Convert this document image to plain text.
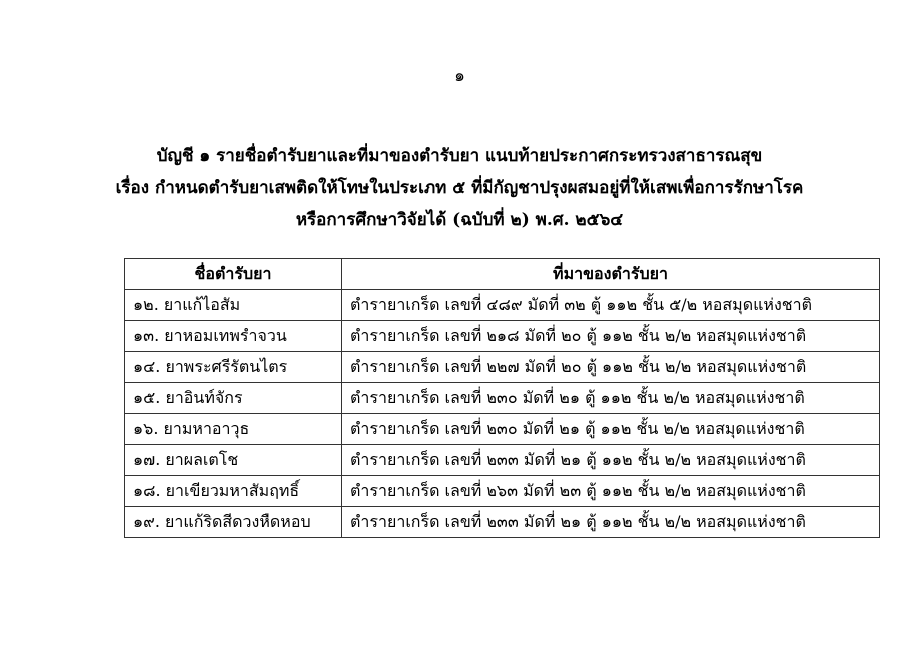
๑
บัญชี ๑ รายชื่อตำรับยาและที่มาของตำรับยา แนบท้ายประกาศกระทรวงสาธารณสุข
เรื่อง กำหนดตำรับยาเสพติดให้โทษในประเภท ๕ ที่มีกัญชาปรุงผสมอยู่ที่ให้เสพเพื่อการรักษาโรค
หรือการศึกษาวิจัยได้ (ฉบับที่ ๒) พ.ศ. ๒๕๖๔
ชื่อตำรับยา	ที่มาของตำรับยา
๑๒. ยาแก้ไอสัม	ตำรายาเกร็ด เลขที่ ๔๘๙ มัดที่ ๓๒ ตู้ ๑๑๒ ชั้น ๕/๒ หอสมุดแห่งชาติ
๑๓. ยาหอมเทพรำจวน	ตำรายาเกร็ด เลขที่ ๒๑๘ มัดที่ ๒๐ ตู้ ๑๑๒ ชั้น ๒/๒ หอสมุดแห่งชาติ
๑๔. ยาพระศรีรัตนไตร	ตำรายาเกร็ด เลขที่ ๒๒๗ มัดที่ ๒๐ ตู้ ๑๑๒ ชั้น ๒/๒ หอสมุดแห่งชาติ
๑๕. ยาอินท์จักร	ตำรายาเกร็ด เลขที่ ๒๓๐ มัดที่ ๒๑ ตู้ ๑๑๒ ชั้น ๒/๒ หอสมุดแห่งชาติ
๑๖. ยามหาอาวุธ	ตำรายาเกร็ด เลขที่ ๒๓๐ มัดที่ ๒๑ ตู้ ๑๑๒ ชั้น ๒/๒ หอสมุดแห่งชาติ
๑๗. ยาผลเตโช	ตำรายาเกร็ด เลขที่ ๒๓๓ มัดที่ ๒๑ ตู้ ๑๑๒ ชั้น ๒/๒ หอสมุดแห่งชาติ
๑๘. ยาเขียวมหาสัมฤทธิ์	ตำรายาเกร็ด เลขที่ ๒๖๓ มัดที่ ๒๓ ตู้ ๑๑๒ ชั้น ๒/๒ หอสมุดแห่งชาติ
๑๙. ยาแก้ริดสีดวงหืดหอบ	ตำรายาเกร็ด เลขที่ ๒๓๓ มัดที่ ๒๑ ตู้ ๑๑๒ ชั้น ๒/๒ หอสมุดแห่งชาติ
